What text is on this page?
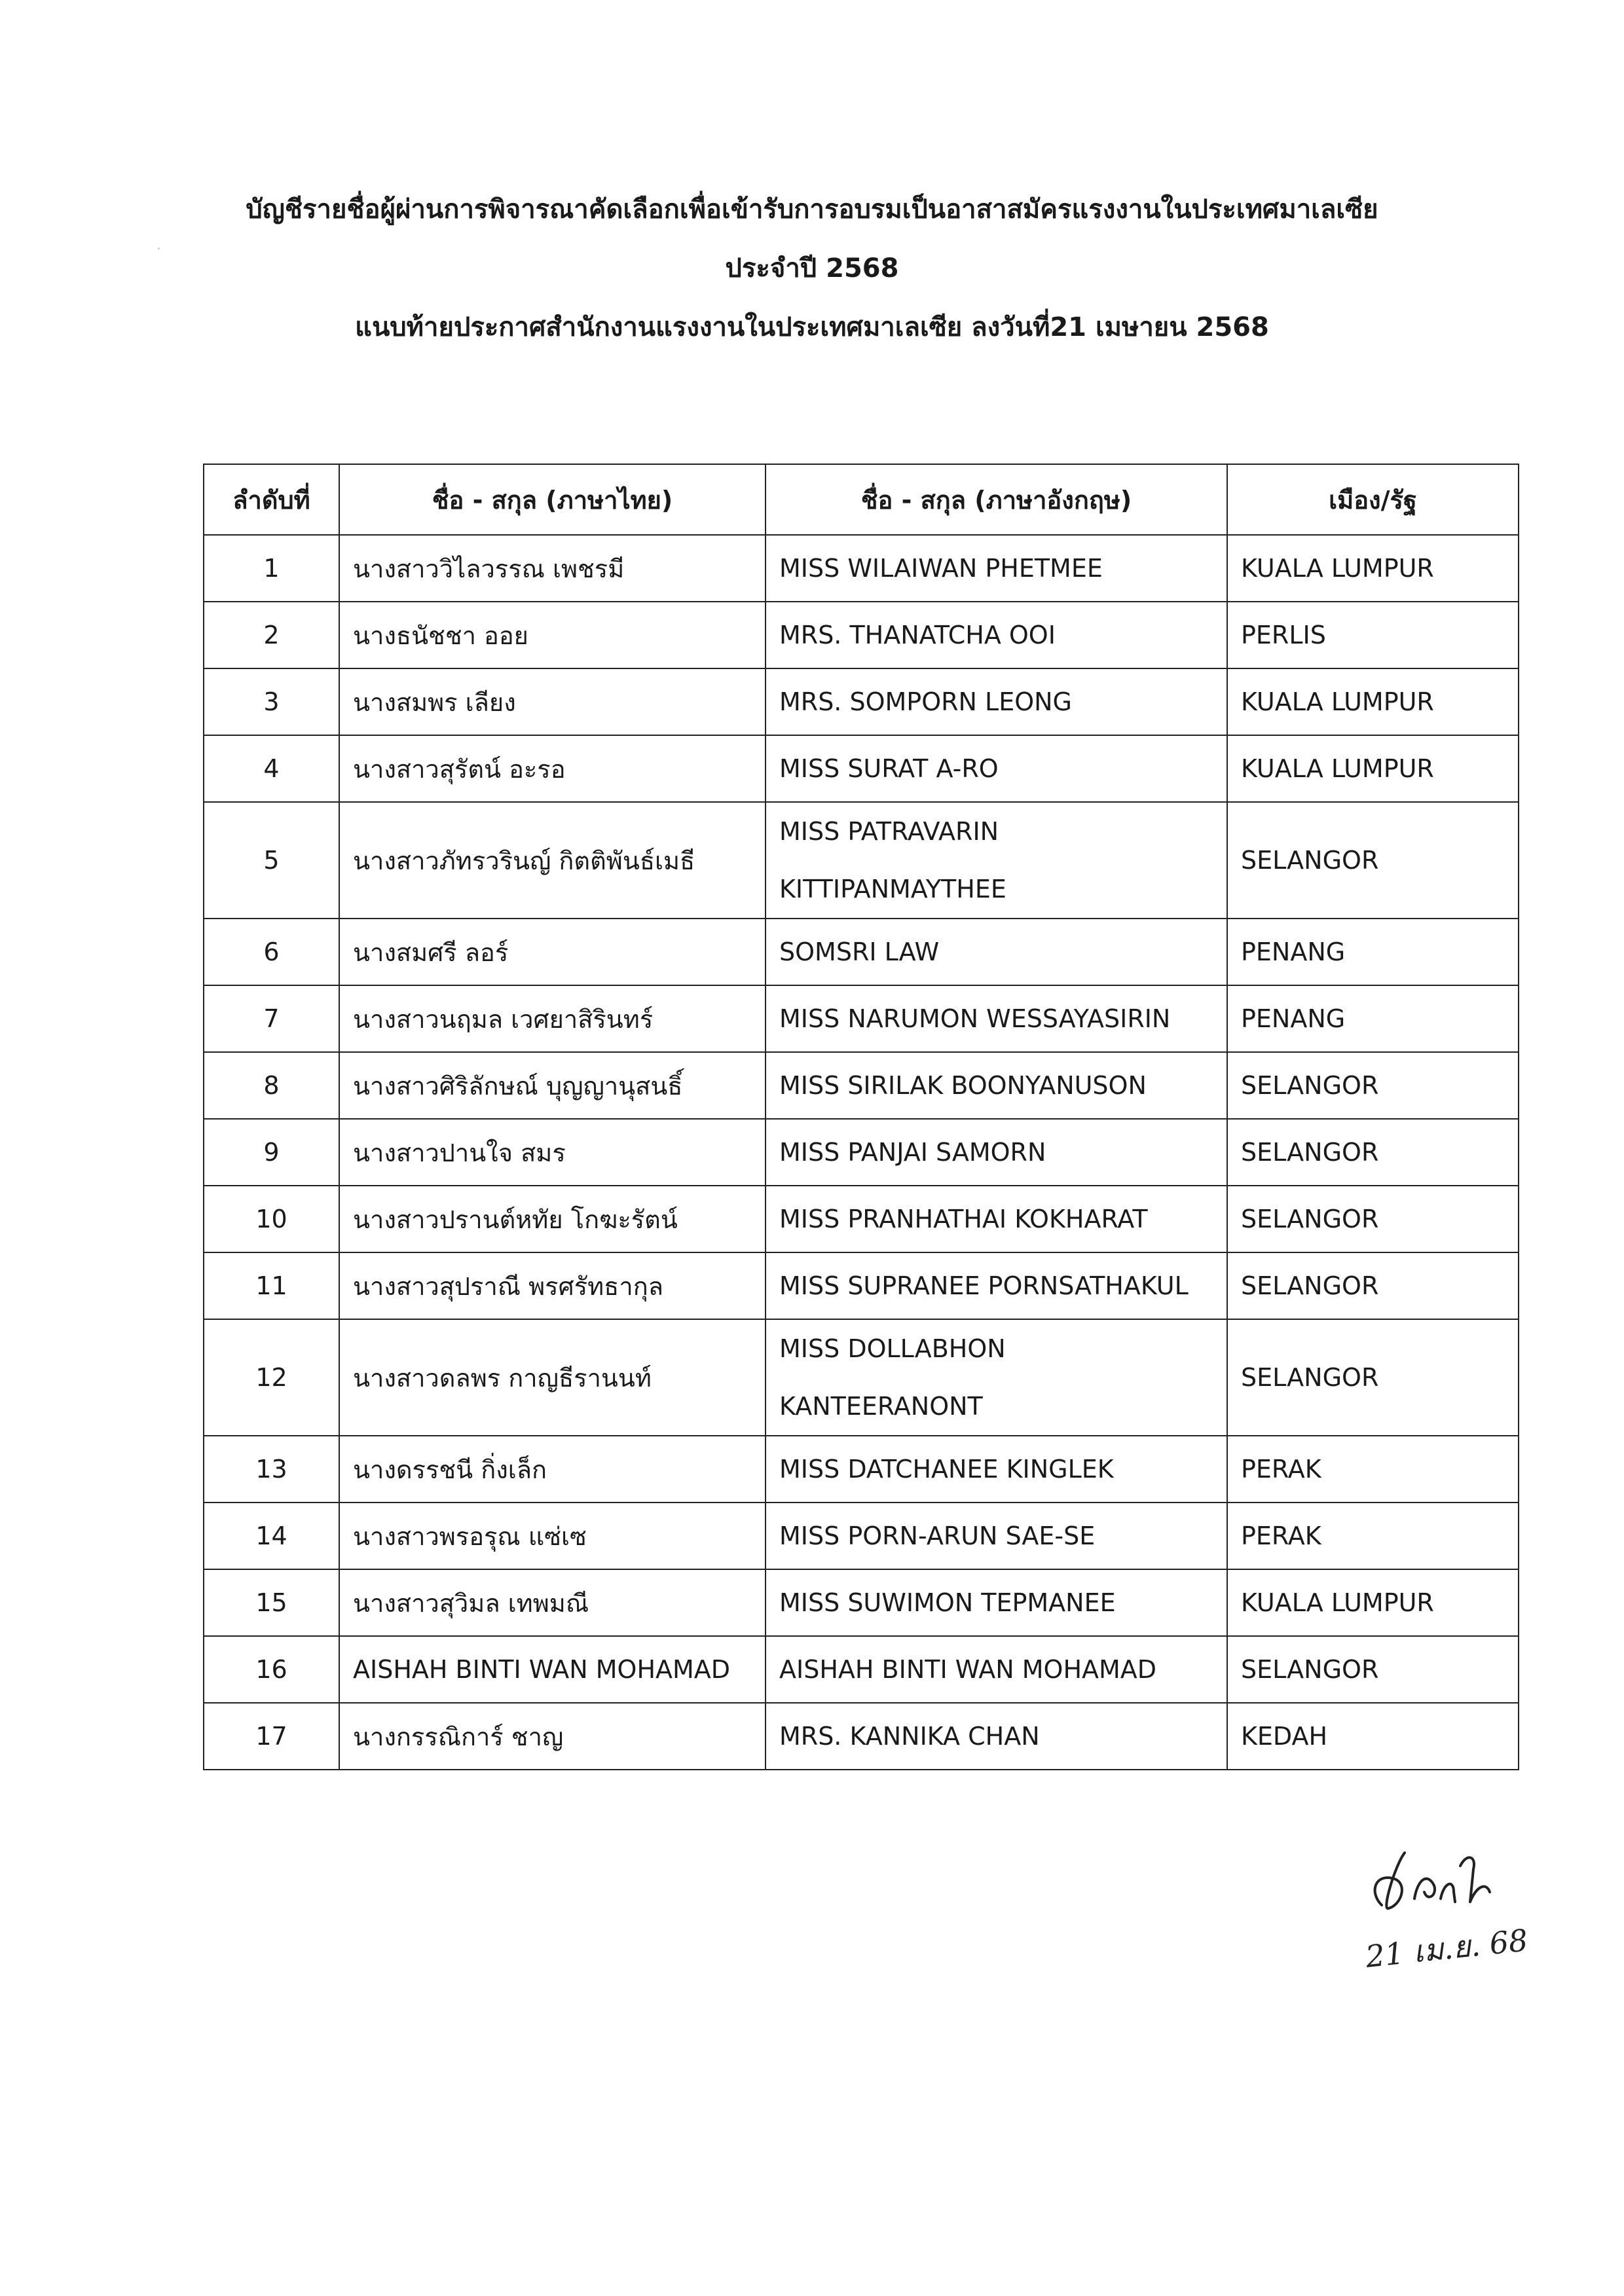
บัญชีรายชื่อผู้ผ่านการพิจารณาคัดเลือกเพื่อเข้ารับการอบรมเป็นอาสาสมัครแรงงานในประเทศมาเลเซีย
ประจำปี 2568
แนบท้ายประกาศสำนักงานแรงงานในประเทศมาเลเซีย ลงวันที่21 เมษายน 2568
·
ลำดับที่	ชื่อ - สกุล (ภาษาไทย)	ชื่อ - สกุล (ภาษาอังกฤษ)	เมือง/รัฐ
1	นางสาววิไลวรรณ เพชรมี	MISS WILAIWAN PHETMEE	KUALA LUMPUR
2	นางธนัชชา ออย	MRS. THANATCHA OOI	PERLIS
3	นางสมพร เลียง	MRS. SOMPORN LEONG	KUALA LUMPUR
4	นางสาวสุรัตน์ อะรอ	MISS SURAT A-RO	KUALA LUMPUR
5	นางสาวภัทรวรินญ์ กิตติพันธ์เมธี	MISS PATRAVARIN KITTIPANMAYTHEE	SELANGOR
6	นางสมศรี ลอร์	SOMSRI LAW	PENANG
7	นางสาวนฤมล เวศยาสิรินทร์	MISS NARUMON WESSAYASIRIN	PENANG
8	นางสาวศิริลักษณ์ บุญญานุสนธิ์	MISS SIRILAK BOONYANUSON	SELANGOR
9	นางสาวปานใจ สมร	MISS PANJAI SAMORN	SELANGOR
10	นางสาวปรานต์หทัย โกฆะรัตน์	MISS PRANHATHAI KOKHARAT	SELANGOR
11	นางสาวสุปราณี พรศรัทธากุล	MISS SUPRANEE PORNSATHAKUL	SELANGOR
12	นางสาวดลพร กาญธีรานนท์	MISS DOLLABHON KANTEERANONT	SELANGOR
13	นางดรรชนี กิ่งเล็ก	MISS DATCHANEE KINGLEK	PERAK
14	นางสาวพรอรุณ แซ่เซ	MISS PORN-ARUN SAE-SE	PERAK
15	นางสาวสุวิมล เทพมณี	MISS SUWIMON TEPMANEE	KUALA LUMPUR
16	AISHAH BINTI WAN MOHAMAD	AISHAH BINTI WAN MOHAMAD	SELANGOR
17	นางกรรณิการ์ ชาญ	MRS. KANNIKA CHAN	KEDAH
21 เม.ย. 68
